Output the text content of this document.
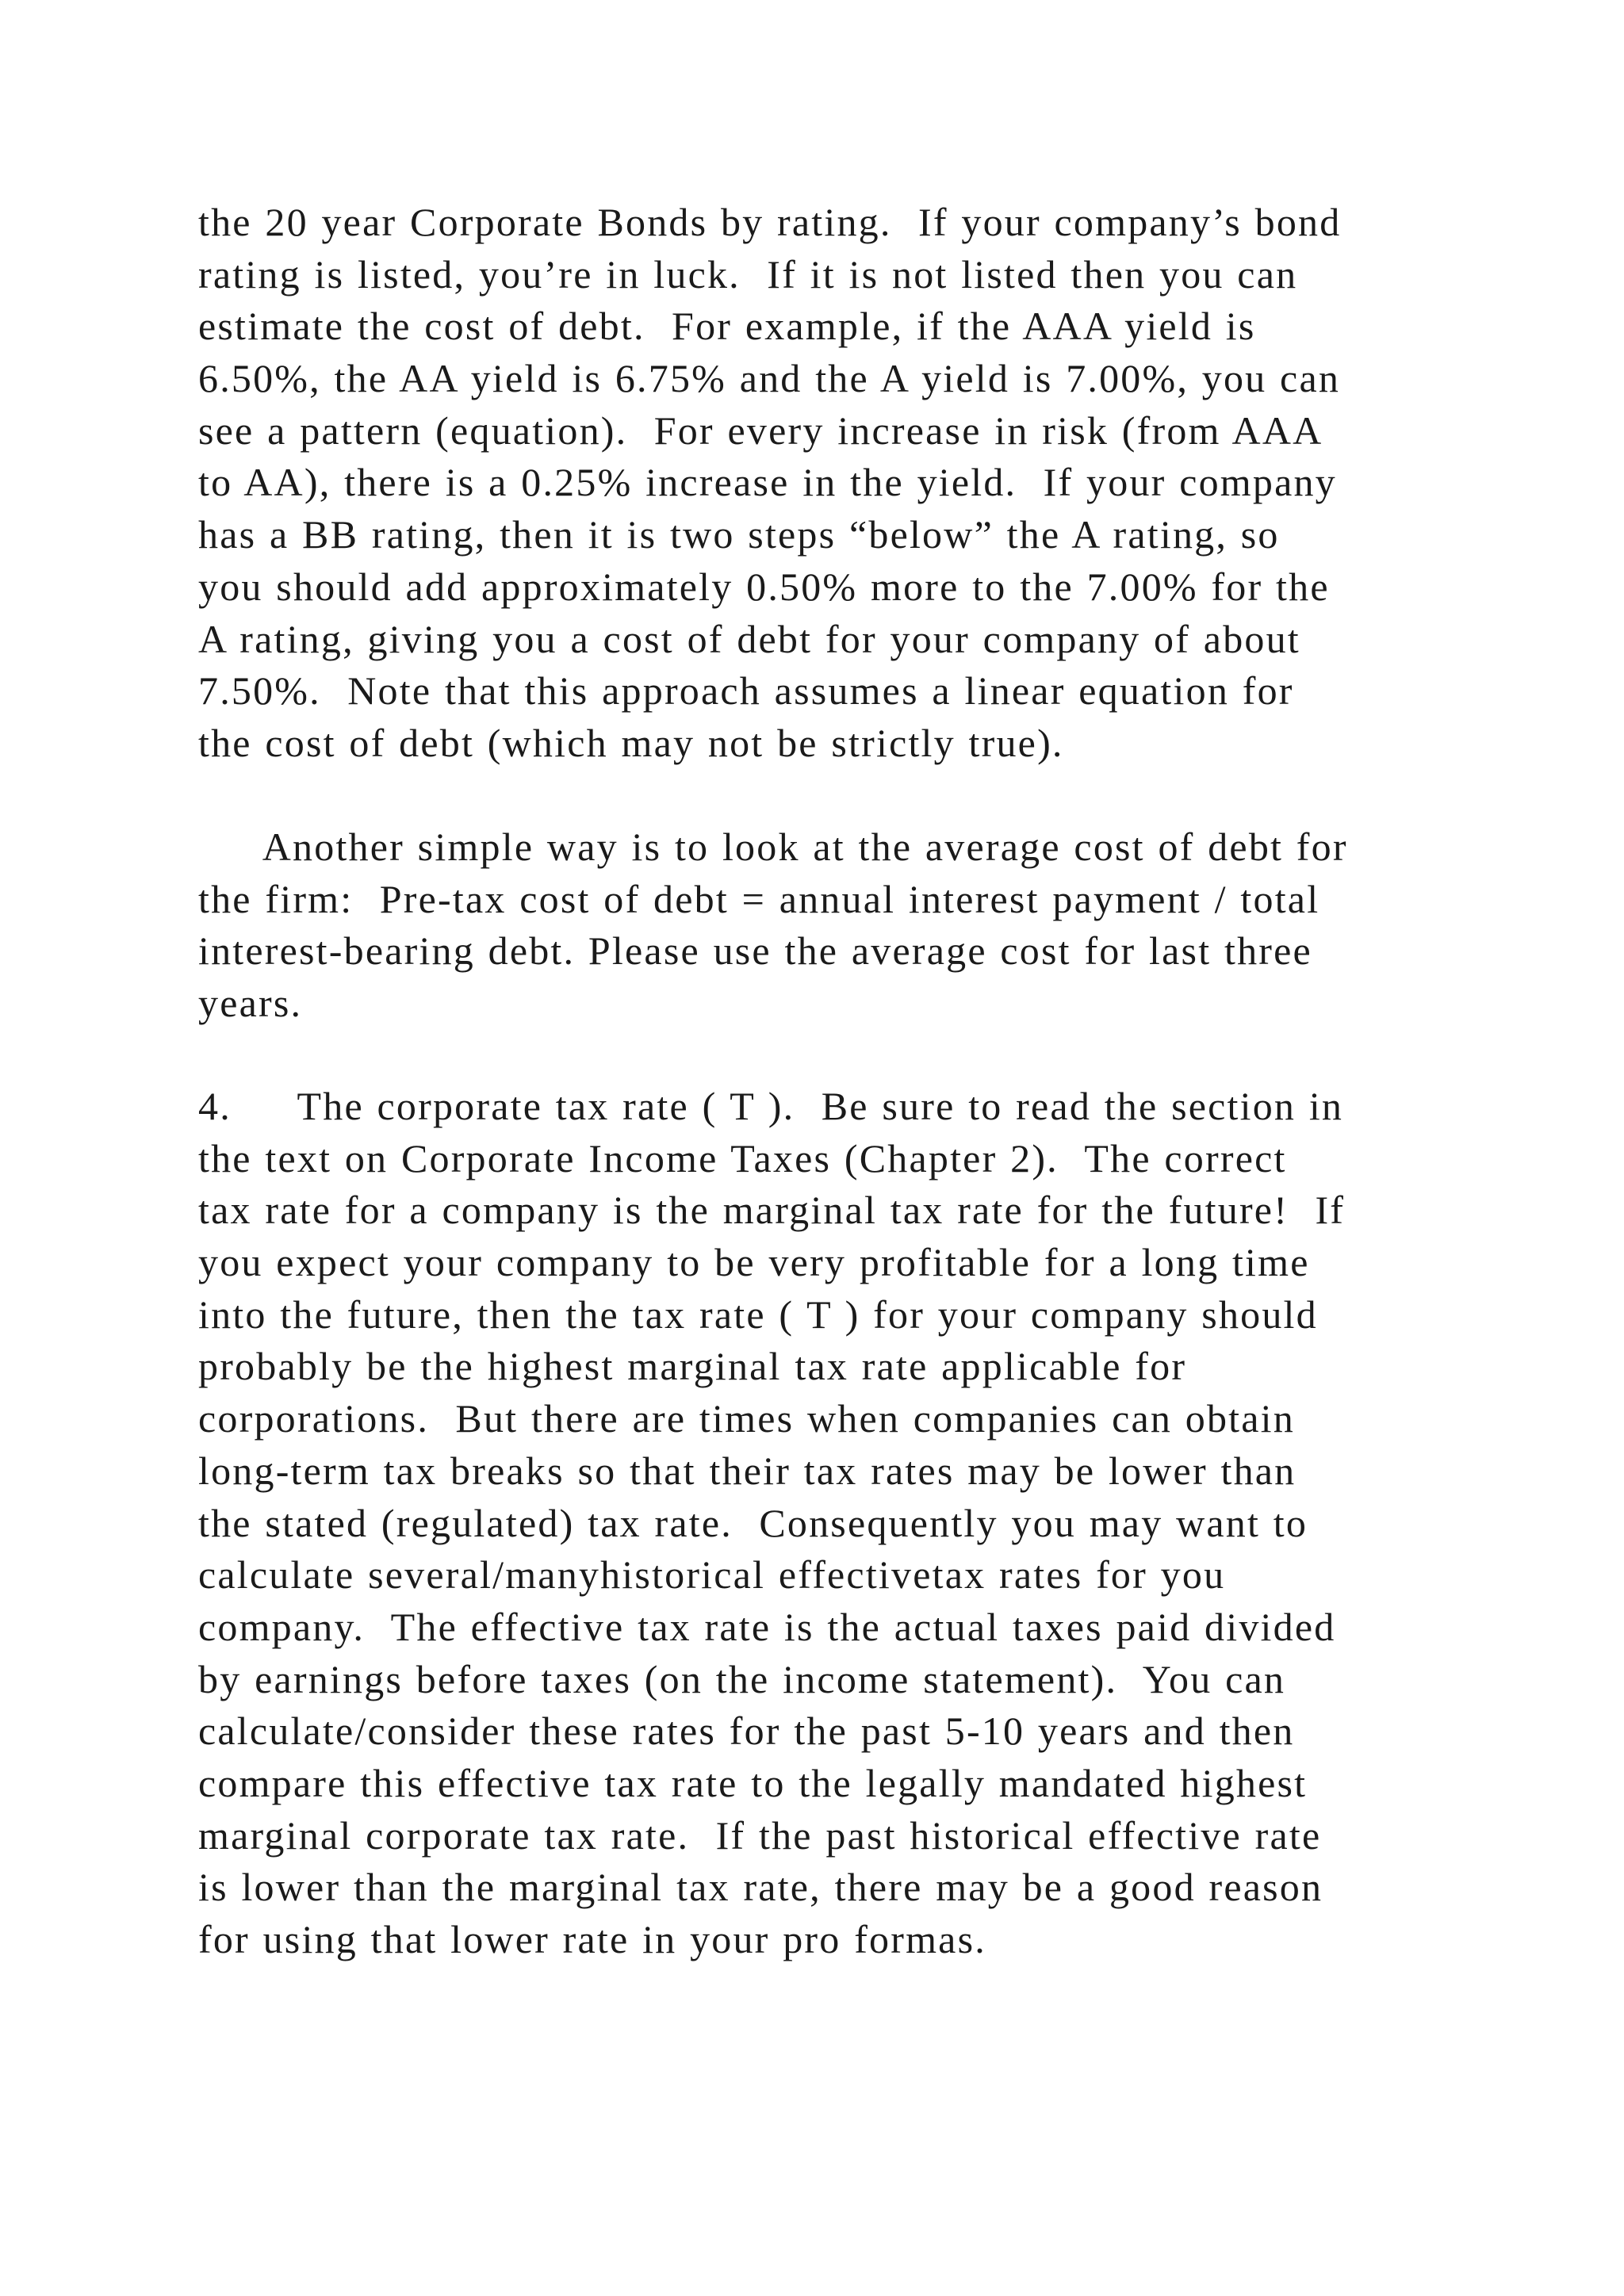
the 20 year Corporate Bonds by rating.  If your company’s bond
rating is listed, you’re in luck.  If it is not listed then you can
estimate the cost of debt.  For example, if the AAA yield is
6.50%, the AA yield is 6.75% and the A yield is 7.00%, you can
see a pattern (equation).  For every increase in risk (from AAA
to AA), there is a 0.25% increase in the yield.  If your company
has a BB rating, then it is two steps “below” the A rating, so
you should add approximately 0.50% more to the 7.00% for the
A rating, giving you a cost of debt for your company of about
7.50%.  Note that this approach assumes a linear equation for
the cost of debt (which may not be strictly true).
Another simple way is to look at the average cost of debt for
the firm:  Pre-tax cost of debt = annual interest payment / total
interest-bearing debt. Please use the average cost for last three
years.
4.     The corporate tax rate ( T ).  Be sure to read the section in
the text on Corporate Income Taxes (Chapter 2).  The correct
tax rate for a company is the marginal tax rate for the future!  If
you expect your company to be very profitable for a long time
into the future, then the tax rate ( T ) for your company should
probably be the highest marginal tax rate applicable for
corporations.  But there are times when companies can obtain
long-term tax breaks so that their tax rates may be lower than
the stated (regulated) tax rate.  Consequently you may want to
calculate several/manyhistorical effectivetax rates for you
company.  The effective tax rate is the actual taxes paid divided
by earnings before taxes (on the income statement).  You can
calculate/consider these rates for the past 5-10 years and then
compare this effective tax rate to the legally mandated highest
marginal corporate tax rate.  If the past historical effective rate
is lower than the marginal tax rate, there may be a good reason
for using that lower rate in your pro formas.
